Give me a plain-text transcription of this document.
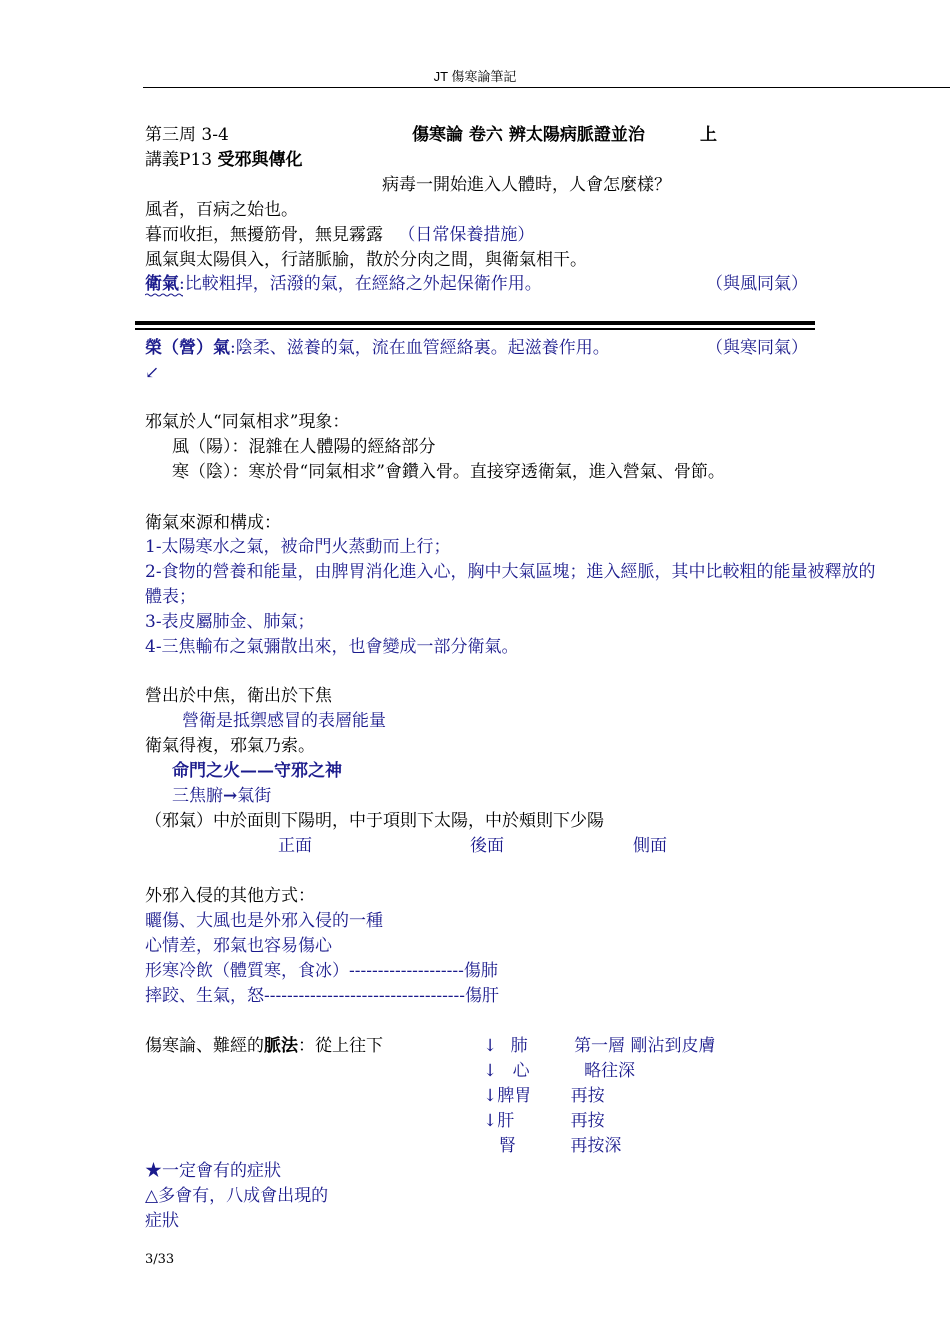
JT 傷寒論筆記
第三周 3-4	傷寒論 卷六 辨太陽病脈證並治	上
講義P13 受邪與傳化
病毒一開始進入人體時，人會怎麼樣？
風者，百病之始也。
暮而收拒，無擾筋骨，無見霧露 （日常保養措施）
風氣與太陽俱入，行諸脈腧，散於分肉之間，與衛氣相干。
衛氣:比較粗捍，活潑的氣，在經絡之外起保衛作用。	（與風同氣）
榮（營）氣:陰柔、滋養的氣，流在血管經絡裏。起滋養作用。	（與寒同氣）
↙
邪氣於人“同氣相求”現象：
風（陽）：混雜在人體陽的經絡部分
寒（陰）：寒於骨“同氣相求”會鑽入骨。直接穿透衛氣，進入營氣、骨節。
衛氣來源和構成：
1-太陽寒水之氣，被命門火蒸動而上行；
2-食物的營養和能量，由脾胃消化進入心，胸中大氣區塊；進入經脈，其中比較粗的能量被釋放的
體表；
3-表皮屬肺金、肺氣；
4-三焦輸布之氣彌散出來，也會變成一部分衛氣。
營出於中焦，衛出於下焦
營衛是抵禦感冒的表層能量
衛氣得複，邪氣乃索。
命門之火——守邪之神
三焦腑→氣街
（邪氣）中於面則下陽明，中于項則下太陽，中於頰則下少陽
正面	後面	側面
外邪入侵的其他方式：
曬傷、大風也是外邪入侵的一種
心情差，邪氣也容易傷心
形寒冷飲（體質寒，食冰）--------------------傷肺
摔跤、生氣，怒-----------------------------------傷肝
傷寒論、難經的脈法：從上往下	↓ 肺	第一層 剛沾到皮膚
↓ 心	略往深
↓脾胃 再按
↓肝	再按
腎	再按深
★一定會有的症狀
△多會有，八成會出現的
症狀
3/33
